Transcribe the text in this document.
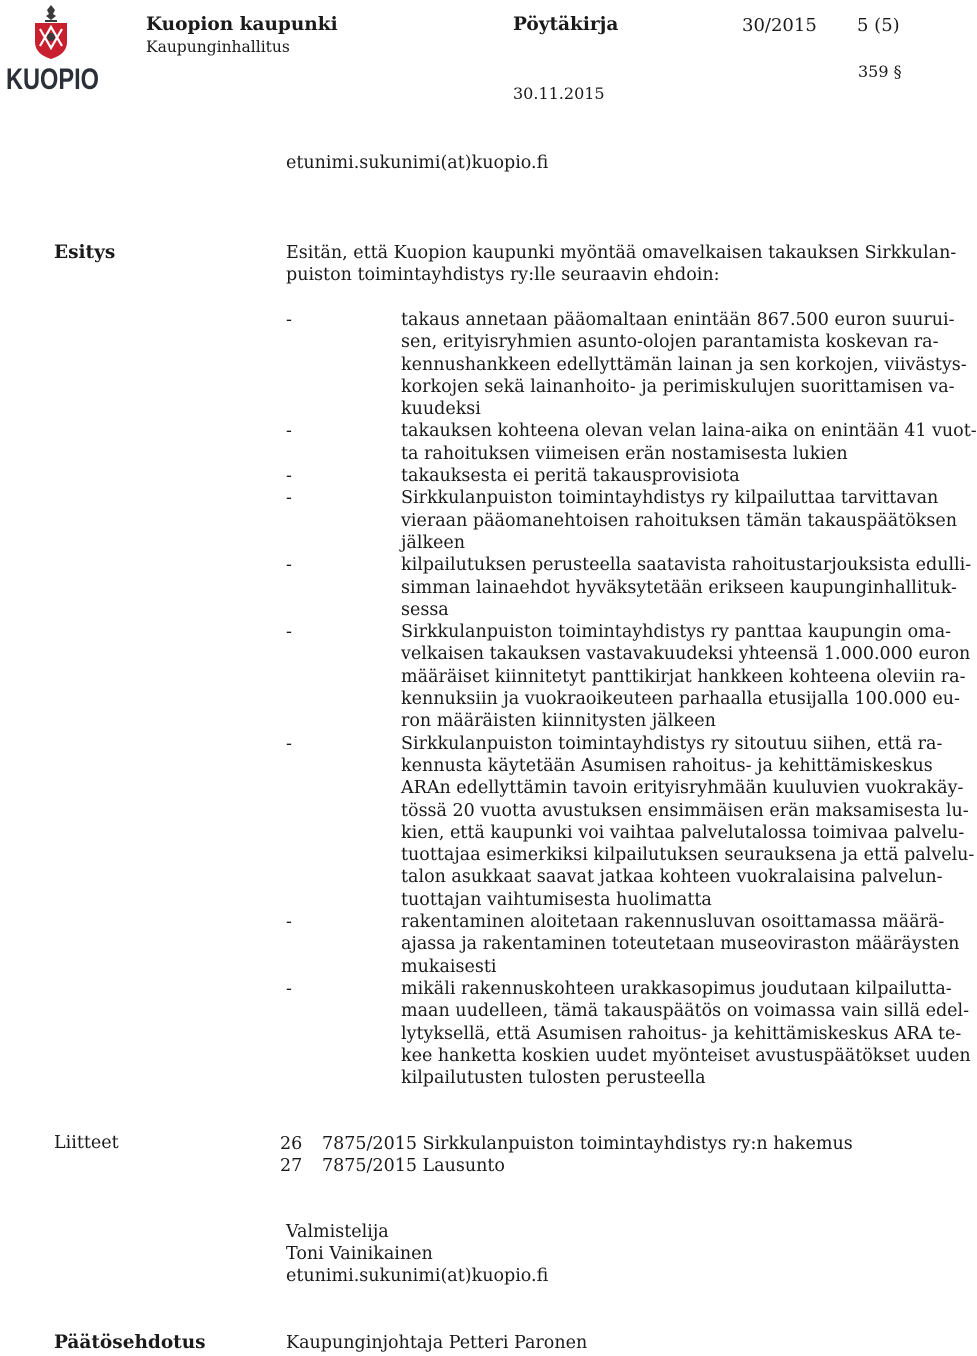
KUOPIO
Kuopion kaupunki
Kaupunginhallitus
Pöytäkirja	30/2015 5 (5)
359 §
30.11.2015
etunimi.sukunimi(at)kuopio.fi
Esitys	Esitän, että Kuopion kaupunki myöntää omavelkaisen takauksen Sirkkulan-
puiston toimintayhdistys ry:lle seuraavin ehdoin:
-	takaus annetaan pääomaltaan enintään 867.500 euron suurui-
sen, erityisryhmien asunto-olojen parantamista koskevan ra-
kennushankkeen edellyttämän lainan ja sen korkojen, viivästys-
korkojen sekä lainanhoito- ja perimiskulujen suorittamisen va-
kuudeksi
-	takauksen kohteena olevan velan laina-aika on enintään 41 vuot-
ta rahoituksen viimeisen erän nostamisesta lukien
-	takauksesta ei peritä takausprovisiota
-	Sirkkulanpuiston toimintayhdistys ry kilpailuttaa tarvittavan
vieraan pääomanehtoisen rahoituksen tämän takauspäätöksen
jälkeen
-	kilpailutuksen perusteella saatavista rahoitustarjouksista edulli-
simman lainaehdot hyväksytetään erikseen kaupunginhallituk-
sessa
-	Sirkkulanpuiston toimintayhdistys ry panttaa kaupungin oma-
velkaisen takauksen vastavakuudeksi yhteensä 1.000.000 euron
määräiset kiinnitetyt panttikirjat hankkeen kohteena oleviin ra-
kennuksiin ja vuokraoikeuteen parhaalla etusijalla 100.000 eu-
ron määräisten kiinnitysten jälkeen
-	Sirkkulanpuiston toimintayhdistys ry sitoutuu siihen, että ra-
kennusta käytetään Asumisen rahoitus- ja kehittämiskeskus
ARAn edellyttämin tavoin erityisryhmään kuuluvien vuokrakäy-
tössä 20 vuotta avustuksen ensimmäisen erän maksamisesta lu-
kien, että kaupunki voi vaihtaa palvelutalossa toimivaa palvelu-
tuottajaa esimerkiksi kilpailutuksen seurauksena ja että palvelu-
talon asukkaat saavat jatkaa kohteen vuokralaisina palvelun-
tuottajan vaihtumisesta huolimatta
-	rakentaminen aloitetaan rakennusluvan osoittamassa määrä-
ajassa ja rakentaminen toteutetaan museoviraston määräysten
mukaisesti
-	mikäli rakennuskohteen urakkasopimus joudutaan kilpailutta-
maan uudelleen, tämä takauspäätös on voimassa vain sillä edel-
lytyksellä, että Asumisen rahoitus- ja kehittämiskeskus ARA te-
kee hanketta koskien uudet myönteiset avustuspäätökset uuden
kilpailutusten tulosten perusteella
Liitteet	26 7875/2015 Sirkkulanpuiston toimintayhdistys ry:n hakemus
27 7875/2015 Lausunto
Valmistelija
Toni Vainikainen
etunimi.sukunimi(at)kuopio.fi
Päätösehdotus	Kaupunginjohtaja Petteri Paronen
